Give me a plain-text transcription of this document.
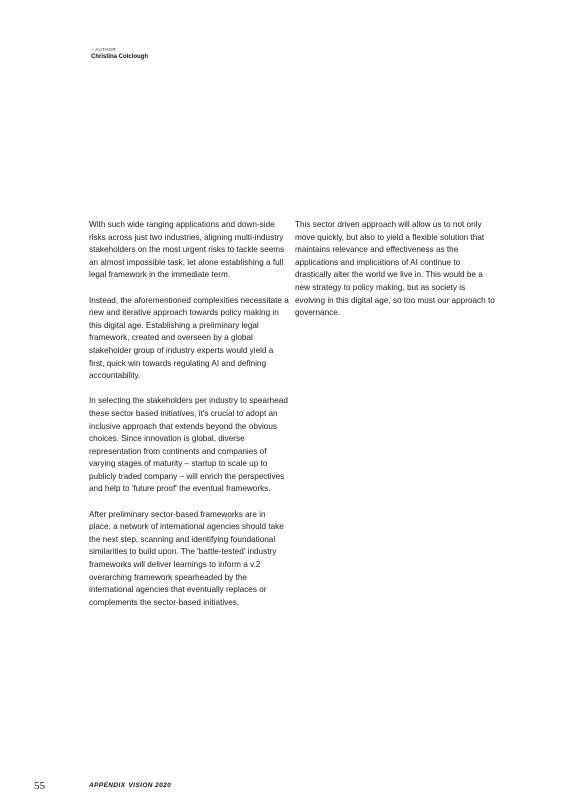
– AUTHOR
Christina Colclough

With such wide ranging applications and down-side risks across just two industries, aligning multi-industry stakeholders on the most urgent risks to tackle seems an almost impossible task, let alone establishing a full legal framework in the immediate term.

Instead, the aforementioned complexities necessitate a new and iterative approach towards policy making in this digital age. Establishing a preliminary legal framework, created and overseen by a global stakeholder group of industry experts would yield a first, quick win towards regulating AI and defining accountability.

In selecting the stakeholders per industry to spearhead these sector based initiatives, it's crucial to adopt an inclusive approach that extends beyond the obvious choices. Since innovation is global, diverse representation from continents and companies of varying stages of maturity – startup to scale up to publicly traded company – will enrich the perspectives and help to 'future proof' the eventual frameworks.

After preliminary sector-based frameworks are in place, a network of international agencies should take the next step, scanning and identifying foundational similarities to build upon. The 'battle-tested' industry frameworks will deliver learnings to inform a v.2 overarching framework spearheaded by the international agencies that eventually replaces or complements the sector-based initiatives.

This sector driven approach will allow us to not only move quickly, but also to yield a flexible solution that maintains relevance and effectiveness as the applications and implications of AI continue to drastically alter the world we live in. This would be a new strategy to policy making, but as society is evolving in this digital age, so too must our approach to governance.

55	APPENDIX VISION 2020
